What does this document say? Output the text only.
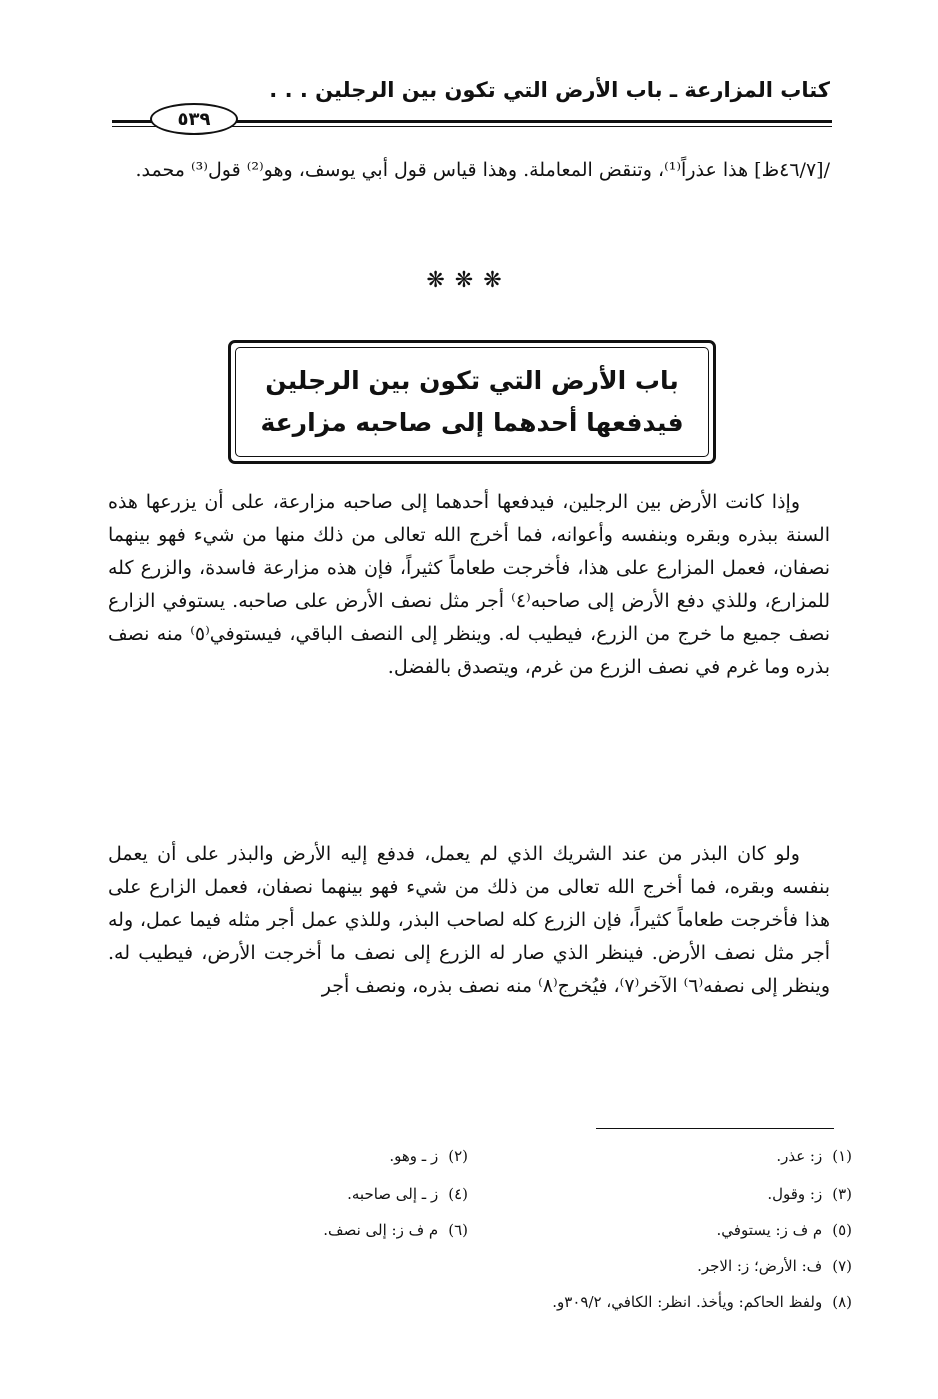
كتاب المزارعة ـ باب الأرض التي تكون بين الرجلين . . .
٥٣٩
/[٤٦/٧ظ] هذا عذراً⁽¹⁾، وتنقض المعاملة. وهذا قياس قول أبي يوسف، وهو⁽²⁾ قول⁽³⁾ محمد.
❋❋❋
باب الأرض التي تكون بين الرجلين
فيدفعها أحدهما إلى صاحبه مزارعة
وإذا كانت الأرض بين الرجلين، فيدفعها أحدهما إلى صاحبه مزارعة، على أن يزرعها هذه السنة ببذره وبقره وبنفسه وأعوانه، فما أخرج الله تعالى من ذلك منها من شيء فهو بينهما نصفان، فعمل المزارع على هذا، فأخرجت طعاماً كثيراً، فإن هذه مزارعة فاسدة، والزرع كله للمزارع، وللذي دفع الأرض إلى صاحبه⁽٤⁾ أجر مثل نصف الأرض على صاحبه. يستوفي الزارع نصف جميع ما خرج من الزرع، فيطيب له. وينظر إلى النصف الباقي، فيستوفي⁽٥⁾ منه نصف بذره وما غرم في نصف الزرع من غرم، ويتصدق بالفضل.
ولو كان البذر من عند الشريك الذي لم يعمل، فدفع إليه الأرض والبذر على أن يعمل بنفسه وبقره، فما أخرج الله تعالى من ذلك من شيء فهو بينهما نصفان، فعمل الزارع على هذا فأخرجت طعاماً كثيراً، فإن الزرع كله لصاحب البذر، وللذي عمل أجر مثله فيما عمل، وله أجر مثل نصف الأرض. فينظر الذي صار له الزرع إلى نصف ما أخرجت الأرض، فيطيب له. وينظر إلى نصفه⁽٦⁾ الآخر⁽٧⁾، فيُخرج⁽٨⁾ منه نصف بذره، ونصف أجر
(١)ز: عذر.
(٢)ز ـ وهو.
(٣)ز: وقول.
(٤)ز ـ إلى صاحبه.
(٥)م ف ز: يستوفي.
(٦)م ف ز: إلى نصف.
(٧)ف: الأرض؛ ز: الاجر.
(٨)ولفظ الحاكم: ويأخذ. انظر: الكافي، ٣٠٩/٢و.
